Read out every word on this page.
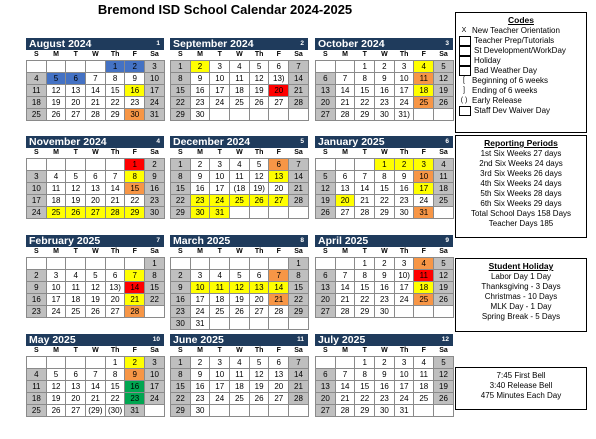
Bremond ISD School Calendar 2024-2025
August 2024	1
S	M	T	W	Th	F	Sa
				1	2	3
4	5	6	7	8	9	10
11	12	13	14	15	16	17
18	19	20	21	22	23	24
25	26	27	28	29	30	31
September 2024	2
S	M	T	W	Th	F	Sa
1	2	3	4	5	6	7
8	9	10	11	12	13)	14
15	16	17	18	19	20	21
22	23	24	25	26	27	28
29	30					
October 2024	3
S	M	T	W	Th	F	Sa
		1	2	3	4	5
6	7	8	9	10	11	12
13	14	15	16	17	18	19
20	21	22	23	24	25	26
27	28	29	30	31)		
November 2024	4
S	M	T	W	Th	F	Sa
					1	2
3	4	5	6	7	8	9
10	11	12	13	14	15	16
17	18	19	20	21	22	23
24	25	26	27	28	29	30
December 2024	5
S	M	T	W	Th	F	Sa
1	2	3	4	5	6	7
8	9	10	11	12	13	14
15	16	17	(18	19)	20	21
22	23	24	25	26	27	28
29	30	31				
January 2025	6
S	M	T	W	Th	F	Sa
			1	2	3	4
5	6	7	8	9	10	11
12	13	14	15	16	17	18
19	20	21	22	23	24	25
26	27	28	29	30	31	
February 2025	7
S	M	T	W	Th	F	Sa
						1
2	3	4	5	6	7	8
9	10	11	12	13)	14	15
16	17	18	19	20	21	22
23	24	25	26	27	28	
March 2025	8
S	M	T	W	Th	F	Sa
						1
2	3	4	5	6	7	8
9	10	11	12	13	14	15
16	17	18	19	20	21	22
23	24	25	26	27	28	29
30	31					
April 2025	9
S	M	T	W	Th	F	Sa
		1	2	3	4	5
6	7	8	9	10)	11	12
13	14	15	16	17	18	19
20	21	22	23	24	25	26
27	28	29	30			
May 2025	10
S	M	T	W	Th	F	Sa
				1	2	3
4	5	6	7	8	9	10
11	12	13	14	15	16	17
18	19	20	21	22	23	24
25	26	27	(29)	(30)	31	
June 2025	11
S	M	T	W	Th	F	Sa
1	2	3	4	5	6	7
8	9	10	11	12	13	14
15	16	17	18	19	20	21
22	23	24	25	26	27	28
29	30					
July 2025	12
S	M	T	W	Th	F	Sa
		1	2	3	4	5
6	7	8	9	10	11	12
13	14	15	16	17	18	19
20	21	22	23	24	25	26
27	28	29	30	31		
Codes
X New Teacher Orientation
Teacher Prep/Tutorials
St Development/WorkDay
Holiday
Bad Weather Day
[ Beginning of 6 weeks
] Ending of 6 weeks
( ) Early Release
Staff Dev Waiver Day
Reporting Periods
1st Six Weeks 27 days
2nd Six Weeks 24 days
3rd Six Weeks 26 days
4th Six Weeks 24 days
5th Six Weeks 28 days
6th Six Weeks 29 days
Total School Days 158 Days
Teacher Days 185
Student Holiday
Labor Day 1 Day
Thanksgiving - 3 Days
Christmas - 10 Days
MLK Day - 1 Day
Spring Break - 5 Days
7:45 First Bell
3:40 Release Bell
475 Minutes Each Day
